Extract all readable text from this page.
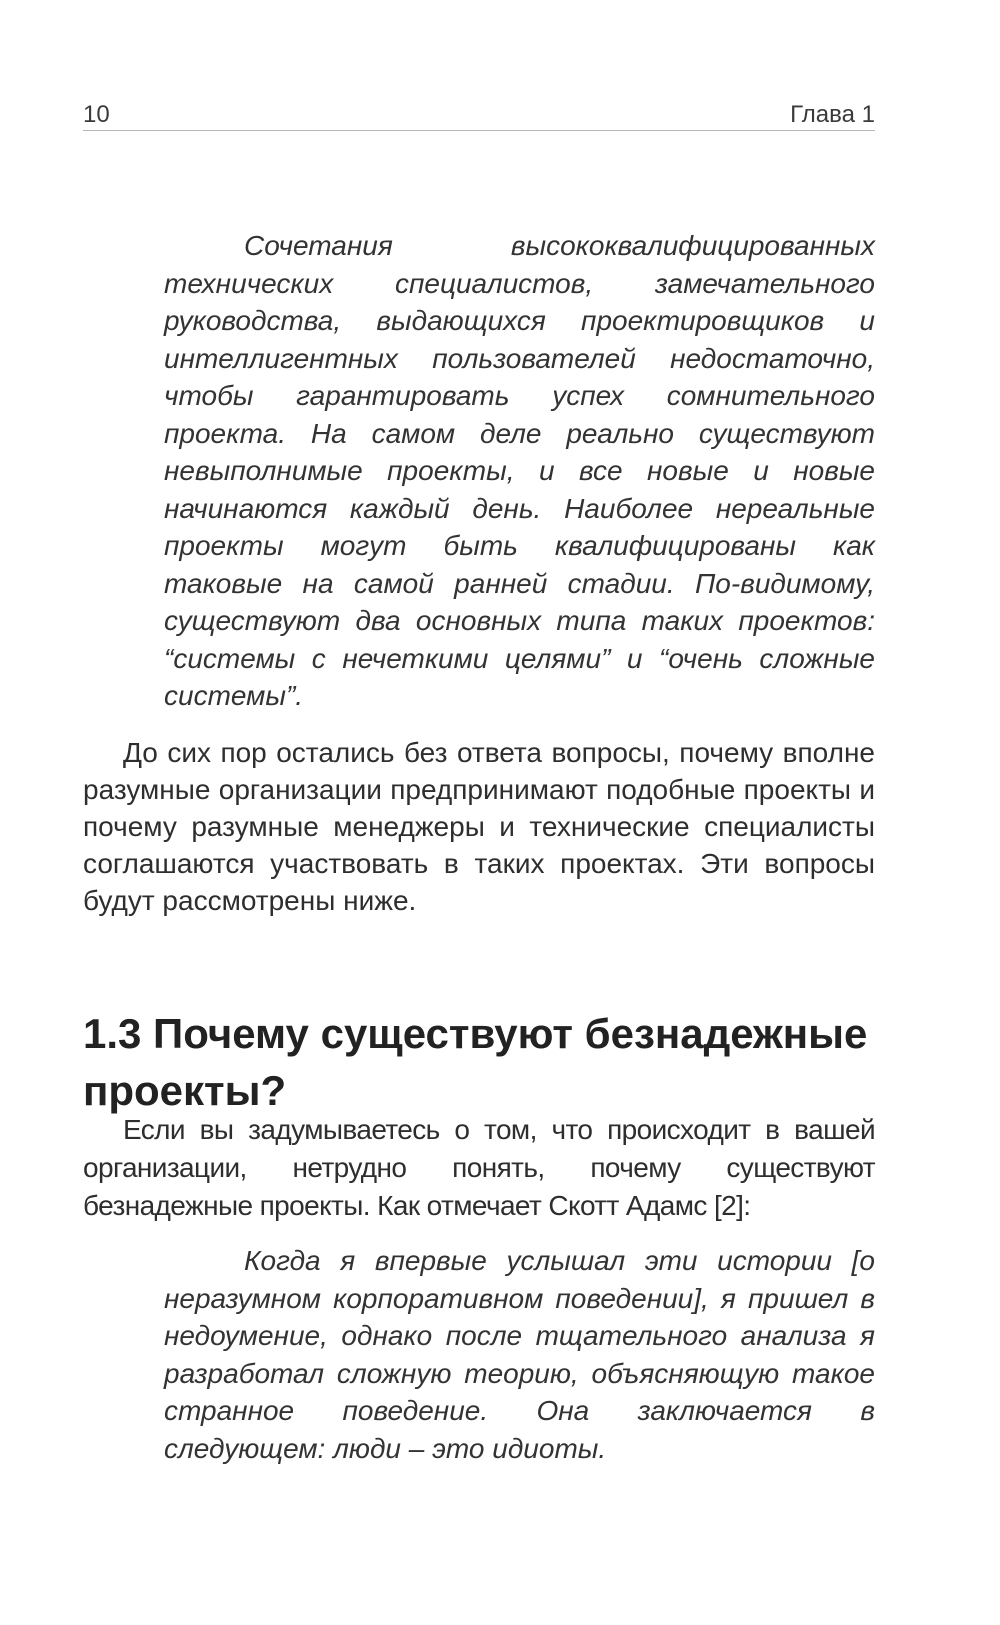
10	Глава 1

Сочетания высококвалифицированных технических специалистов, замечательного руководства, выдающихся проектировщиков и интеллигентных пользователей недостаточно, чтобы гарантировать успех сомнительного проекта. На самом деле реально существуют невыполнимые проекты, и все новые и новые начинаются каждый день. Наиболее нереальные проекты могут быть квалифицированы как таковые на самой ранней стадии. По-видимому, существуют два основных типа таких проектов: “системы с нечеткими целями” и “очень сложные системы”.

До сих пор остались без ответа вопросы, почему вполне разумные организации предпринимают подобные проекты и почему разумные менеджеры и технические специалисты соглашаются участвовать в таких проектах. Эти вопросы будут рассмотрены ниже.

1.3 Почему существуют безнадежные проекты?

Если вы задумываетесь о том, что происходит в вашей организации, нетрудно понять, почему существуют безнадежные проекты. Как отмечает Скотт Адамс [2]:

Когда я впервые услышал эти истории [о неразумном корпоративном поведении], я пришел в недоумение, однако после тщательного анализа я разработал сложную теорию, объясняющую такое странное поведение. Она заключается в следующем: люди – это идиоты.
